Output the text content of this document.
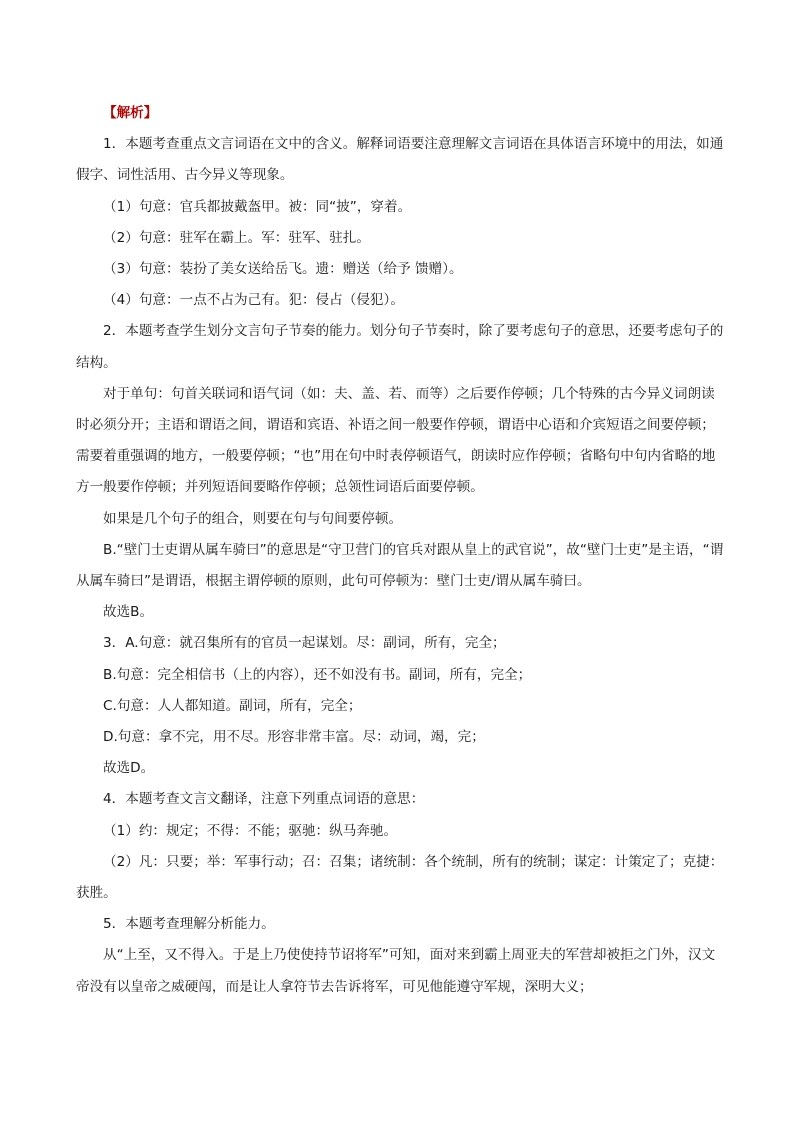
【解析】

1．本题考查重点文言词语在文中的含义。解释词语要注意理解文言词语在具体语言环境中的用法，如通假字、词性活用、古今异义等现象。

（1）句意：官兵都披戴盔甲。被：同“披”，穿着。

（2）句意：驻军在霸上。军：驻军、驻扎。

（3）句意：装扮了美女送给岳飞。遗：赠送（给予 馈赠）。

（4）句意：一点不占为己有。犯：侵占（侵犯）。

2．本题考查学生划分文言句子节奏的能力。划分句子节奏时，除了要考虑句子的意思，还要考虑句子的结构。

对于单句：句首关联词和语气词（如：夫、盖、若、而等）之后要作停顿；几个特殊的古今异义词朗读时必须分开；主语和谓语之间，谓语和宾语、补语之间一般要作停顿，谓语中心语和介宾短语之间要停顿；需要着重强调的地方，一般要停顿；“也”用在句中时表停顿语气，朗读时应作停顿；省略句中句内省略的地方一般要作停顿；并列短语间要略作停顿；总领性词语后面要停顿。

如果是几个句子的组合，则要在句与句间要停顿。

B.“壁门士吏谓从属车骑曰”的意思是“守卫营门的官兵对跟从皇上的武官说”，故“壁门士吏”是主语，“谓从属车骑曰”是谓语，根据主谓停顿的原则，此句可停顿为：壁门士吏/谓从属车骑曰。

故选B。

3．A.句意：就召集所有的官员一起谋划。尽：副词，所有，完全；

B.句意：完全相信书（上的内容），还不如没有书。副词，所有，完全；

C.句意：人人都知道。副词，所有，完全；

D.句意：拿不完，用不尽。形容非常丰富。尽：动词，竭，完；

故选D。

4．本题考查文言文翻译，注意下列重点词语的意思：

（1）约：规定；不得：不能；驱驰：纵马奔驰。

（2）凡：只要；举：军事行动；召：召集；诸统制：各个统制，所有的统制；谋定：计策定了；克捷：获胜。

5．本题考查理解分析能力。

从“上至，又不得入。于是上乃使使持节诏将军”可知，面对来到霸上周亚夫的军营却被拒之门外，汉文帝没有以皇帝之威硬闯，而是让人拿符节去告诉将军，可见他能遵守军规，深明大义；
